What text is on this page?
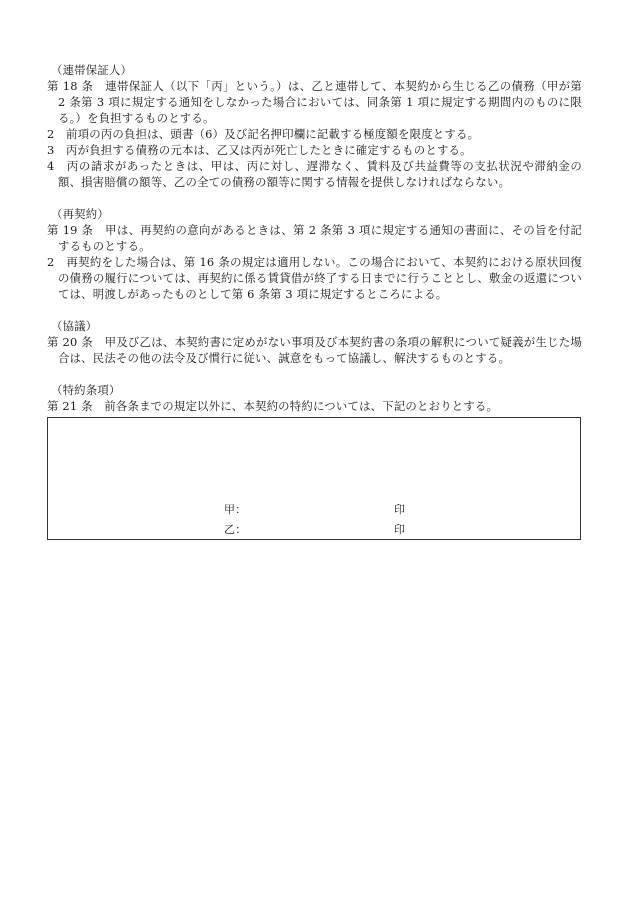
（連帯保証人）

第 18 条　連帯保証人（以下「丙」という。）は、乙と連帯して、本契約から生じる乙の債務（甲が第 2 条第 3 項に規定する通知をしなかった場合においては、同条第 1 項に規定する期間内のものに限る。）を負担するものとする。

2　前項の丙の負担は、頭書（6）及び記名押印欄に記載する極度額を限度とする。

3　丙が負担する債務の元本は、乙又は丙が死亡したときに確定するものとする。

4　丙の請求があったときは、甲は、丙に対し、遅滞なく、賃料及び共益費等の支払状況や滞納金の額、損害賠償の額等、乙の全ての債務の額等に関する情報を提供しなければならない。

（再契約）

第 19 条　甲は、再契約の意向があるときは、第 2 条第 3 項に規定する通知の書面に、その旨を付記するものとする。

2　再契約をした場合は、第 16 条の規定は適用しない。この場合において、本契約における原状回復の債務の履行については、再契約に係る賃貸借が終了する日までに行うこととし、敷金の返還については、明渡しがあったものとして第 6 条第 3 項に規定するところによる。

（協議）

第 20 条　甲及び乙は、本契約書に定めがない事項及び本契約書の条項の解釈について疑義が生じた場合は、民法その他の法令及び慣行に従い、誠意をもって協議し、解決するものとする。

（特約条項）

第 21 条　前各条までの規定以外に、本契約の特約については、下記のとおりとする。

甲：	印
乙：	印
